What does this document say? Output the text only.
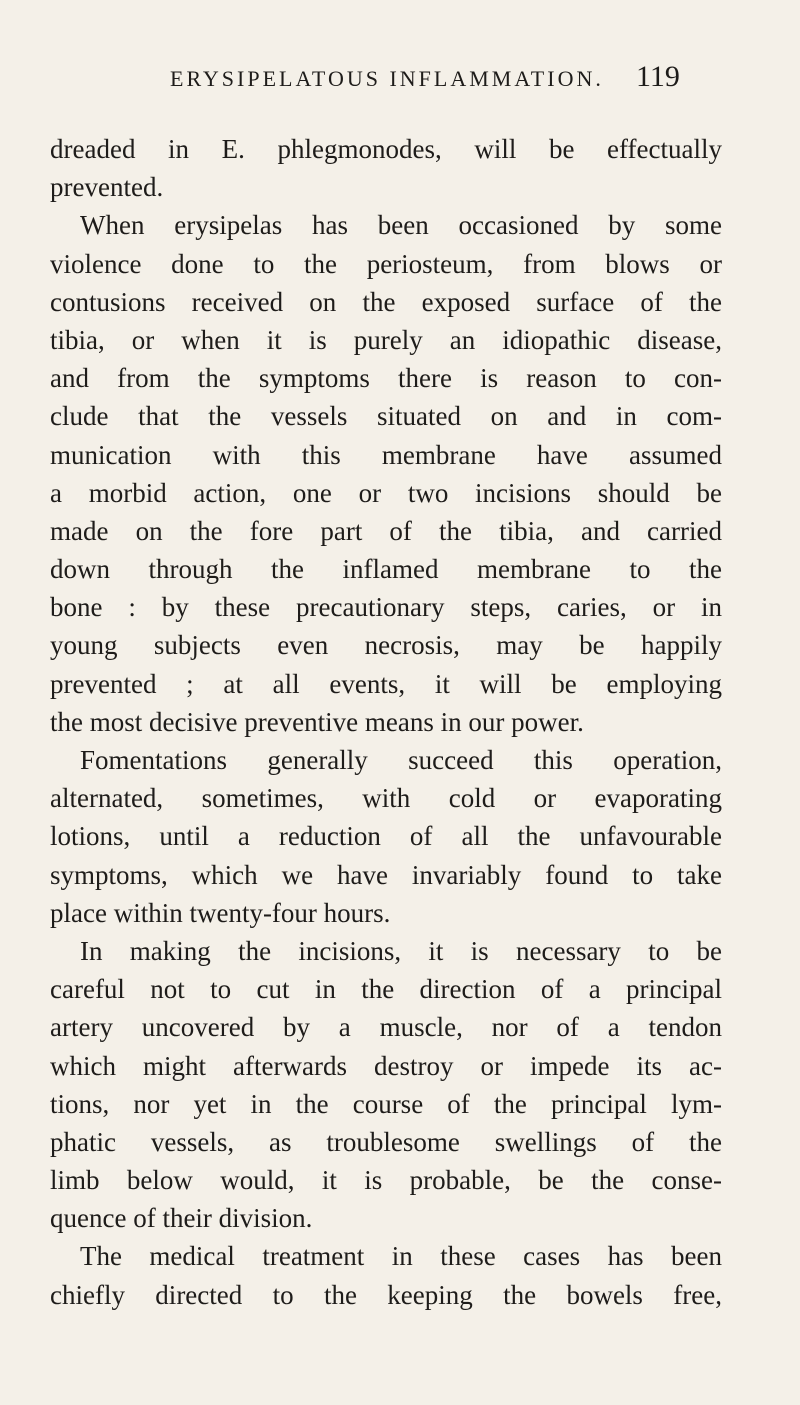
ERYSIPELATOUS INFLAMMATION. 119
dreaded in E. phlegmonodes, will be effectually
prevented.
When erysipelas has been occasioned by some
violence done to the periosteum, from blows or
contusions received on the exposed surface of the
tibia, or when it is purely an idiopathic disease,
and from the symptoms there is reason to con-
clude that the vessels situated on and in com-
munication with this membrane have assumed
a morbid action, one or two incisions should be
made on the fore part of the tibia, and carried
down through the inflamed membrane to the
bone : by these precautionary steps, caries, or in
young subjects even necrosis, may be happily
prevented ; at all events, it will be employing
the most decisive preventive means in our power.
Fomentations generally succeed this operation,
alternated, sometimes, with cold or evaporating
lotions, until a reduction of all the unfavourable
symptoms, which we have invariably found to take
place within twenty-four hours.
In making the incisions, it is necessary to be
careful not to cut in the direction of a principal
artery uncovered by a muscle, nor of a tendon
which might afterwards destroy or impede its ac-
tions, nor yet in the course of the principal lym-
phatic vessels, as troublesome swellings of the
limb below would, it is probable, be the conse-
quence of their division.
The medical treatment in these cases has been
chiefly directed to the keeping the bowels free,
